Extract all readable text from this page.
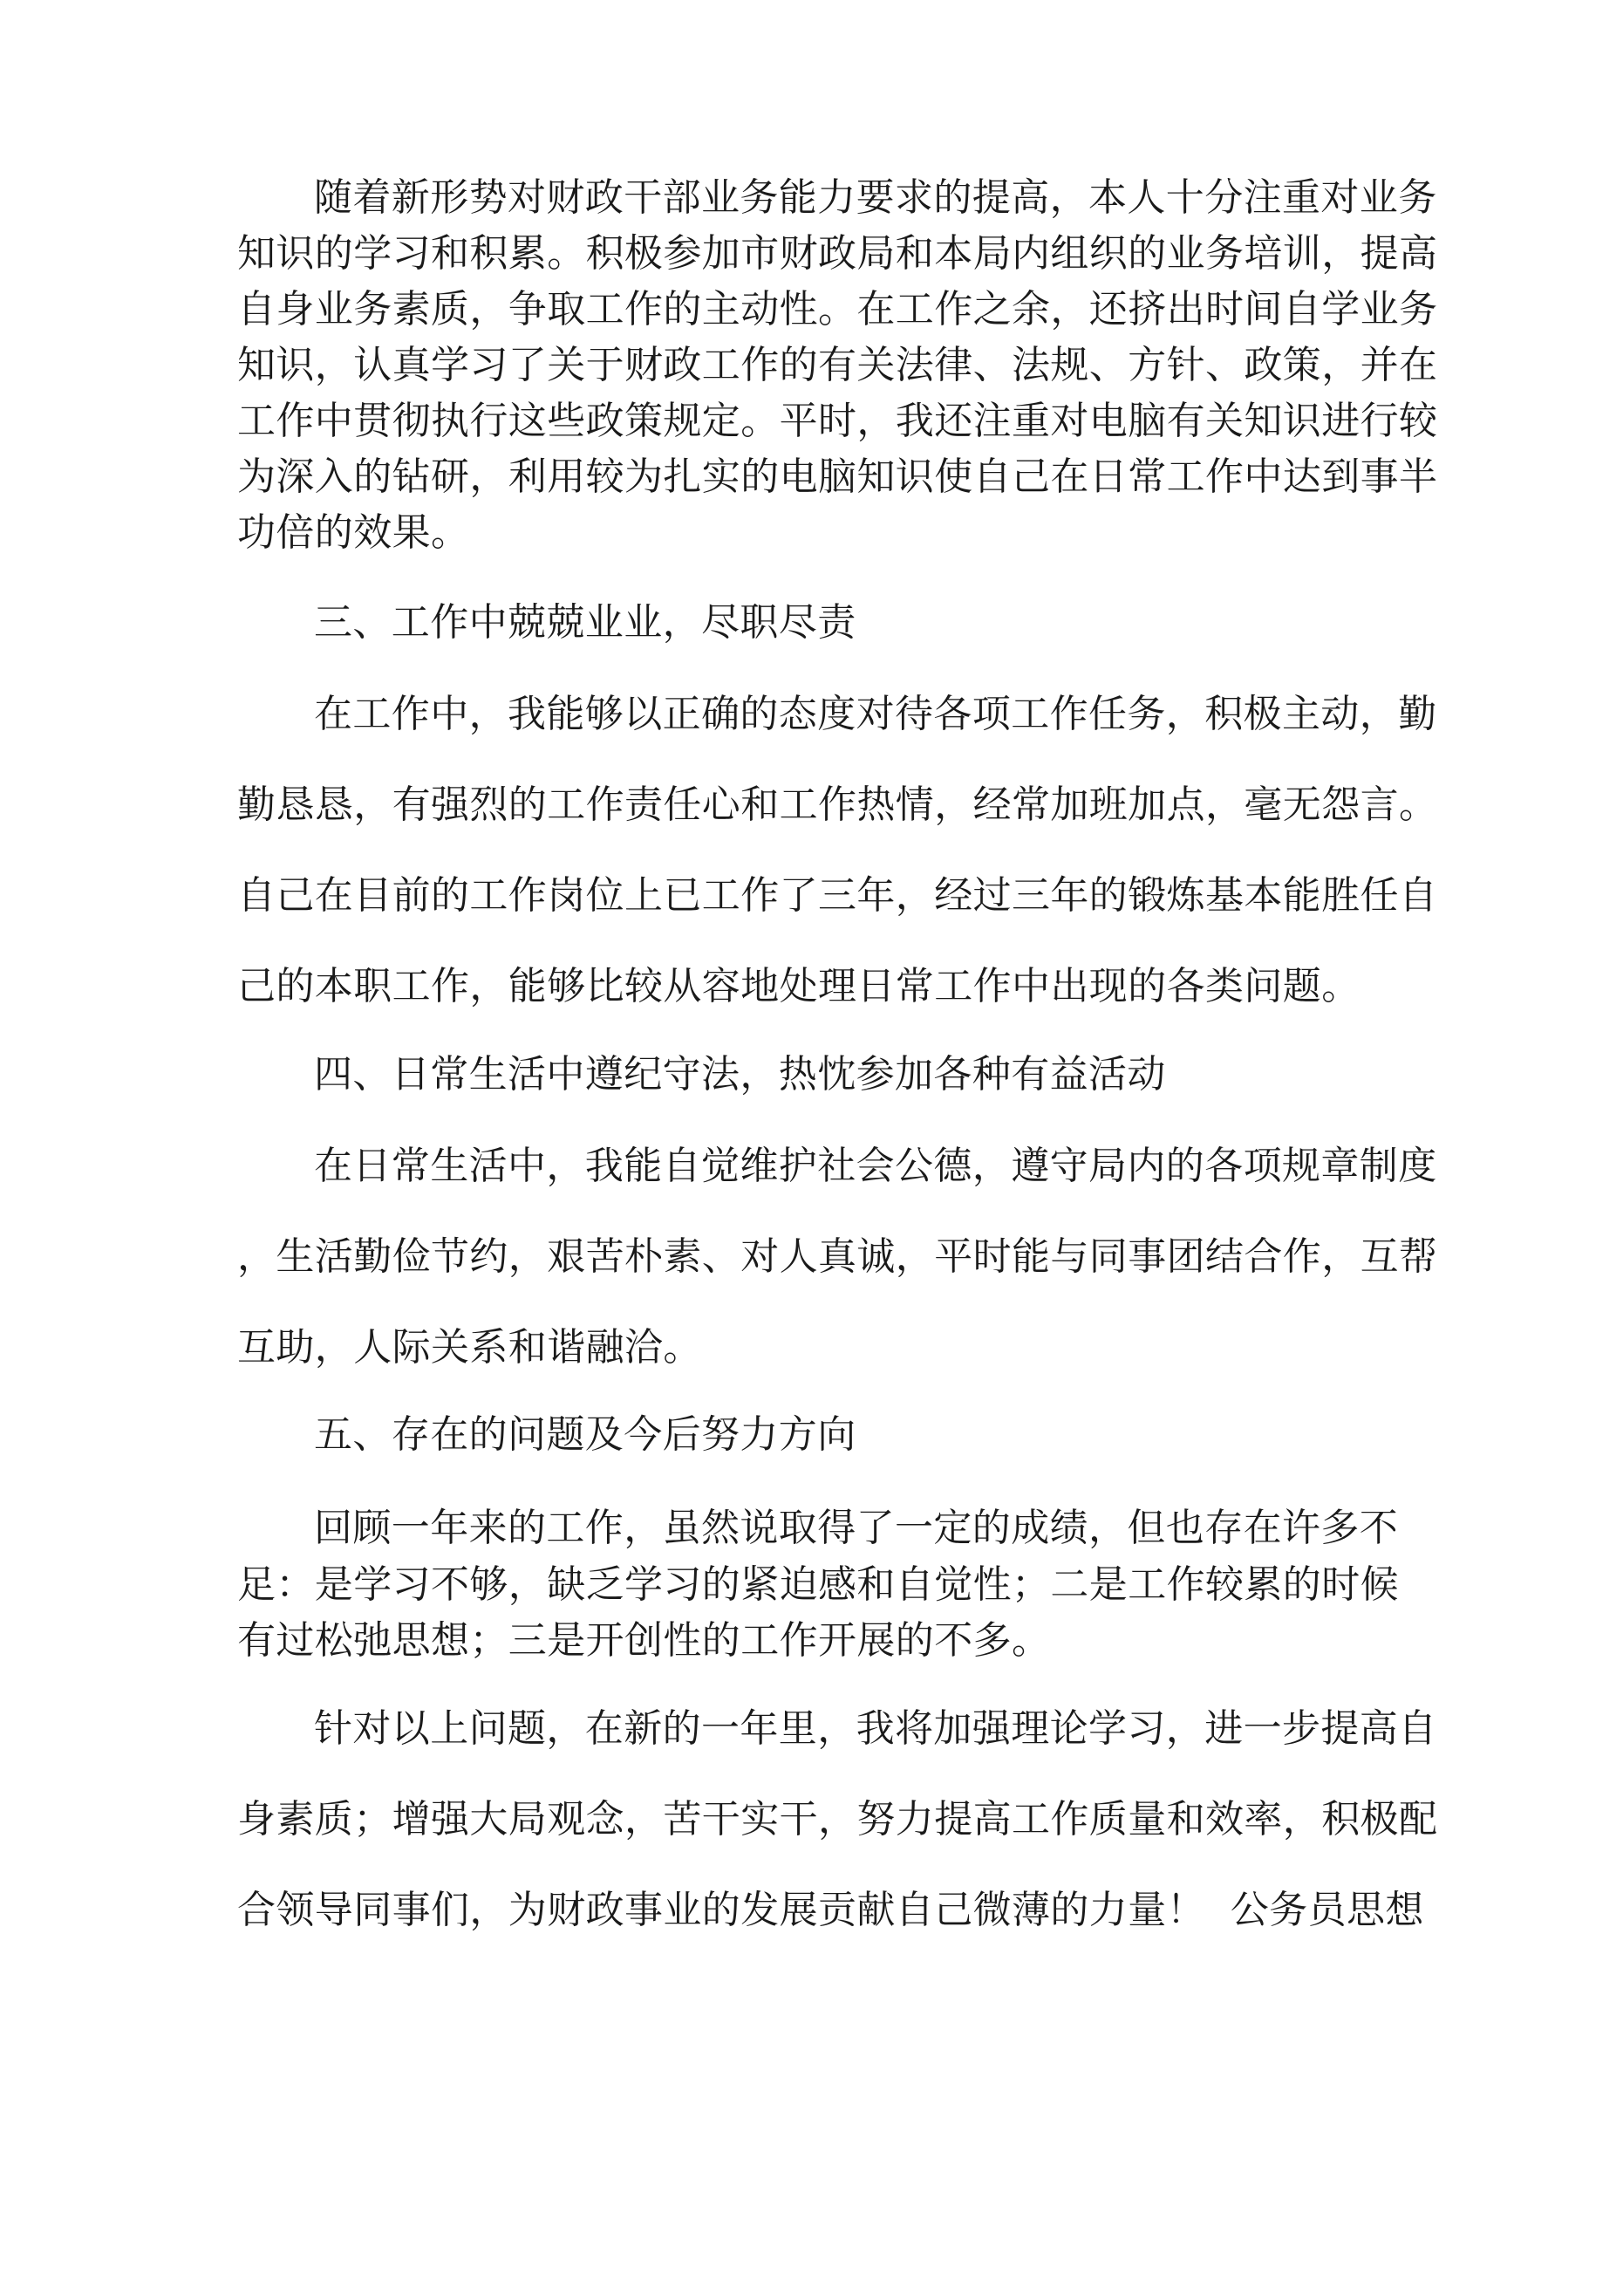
随着新形势对财政干部业务能力要求的提高，本人十分注重对业务
知识的学习和积累。积极参加市财政局和本局内组织的业务培训，提高
自身业务素质，争取工作的主动性。在工作之余，还挤出时间自学业务
知识，认真学习了关于财政工作的有关法律、法规、方针、政策，并在
工作中贯彻执行这些政策规定。平时，我还注重对电脑有关知识进行较
为深入的钻研，利用较为扎实的电脑知识使自己在日常工作中达到事半
功倍的效果。
三、工作中兢兢业业，尽职尽责
在工作中，我能够以正确的态度对待各项工作任务，积极主动，勤
勤恳恳，有强烈的工作责任心和工作热情，经常加班加点，毫无怨言。
自己在目前的工作岗位上已工作了三年，经过三年的锻炼基本能胜任自
己的本职工作，能够比较从容地处理日常工作中出现的各类问题。
四、日常生活中遵纪守法，热忱参加各种有益活动
在日常生活中，我能自觉维护社会公德，遵守局内的各项规章制度
，生活勤俭节约，艰苦朴素、对人真诚，平时能与同事团结合作，互帮
互助，人际关系和谐融洽。
五、存在的问题及今后努力方向
回顾一年来的工作，虽然说取得了一定的成绩，但也存在许多不
足：是学习不够，缺乏学习的紧迫感和自觉性；二是工作较累的时候
有过松弛思想；三是开创性的工作开展的不多。
针对以上问题，在新的一年里，我将加强理论学习，进一步提高自
身素质；增强大局观念，苦干实干，努力提高工作质量和效率，积极配
合领导同事们，为财政事业的发展贡献自己微薄的力量！  公务员思想
